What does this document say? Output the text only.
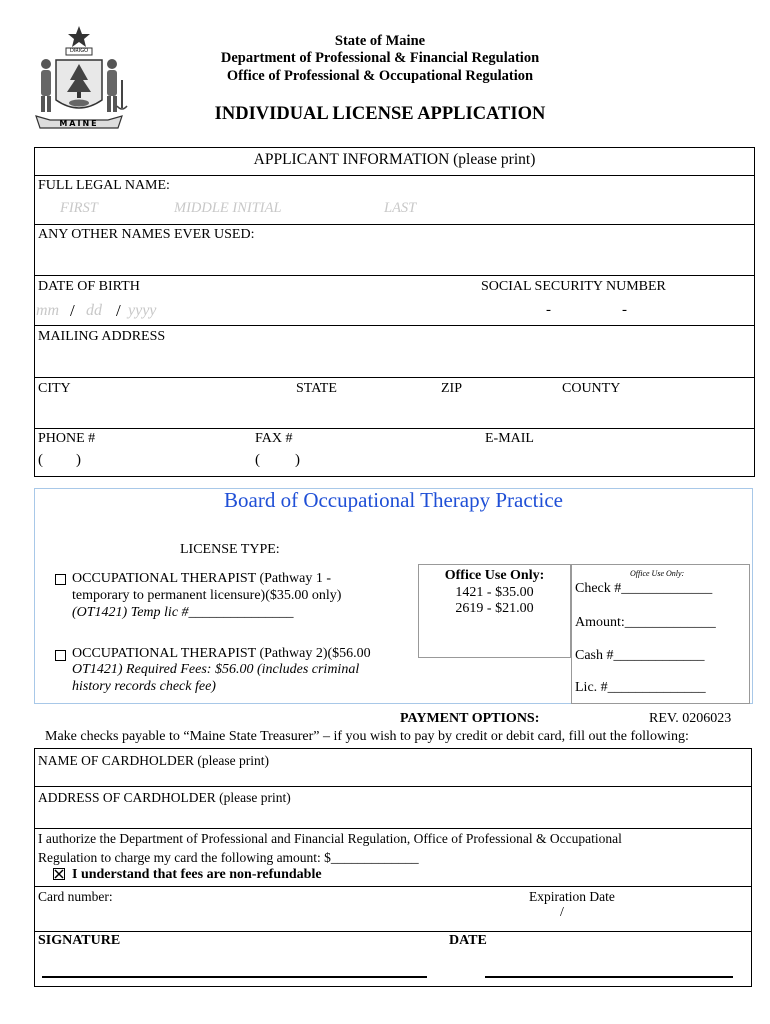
DIRIGO
MAINE
State of Maine
Department of Professional & Financial Regulation
Office of Professional & Occupational Regulation
INDIVIDUAL LICENSE APPLICATION
APPLICANT INFORMATION (please print)
FULL LEGAL NAME:
FIRST	MIDDLE INITIAL	LAST
ANY OTHER NAMES EVER USED:
DATE OF BIRTH	SOCIAL SECURITY NUMBER
mm / dd / yyyy	-	-
MAILING ADDRESS
CITY	STATE	ZIP	COUNTY
PHONE #	FAX #	E-MAIL
( )	( )
Board of Occupational Therapy Practice
LICENSE TYPE:
OCCUPATIONAL THERAPIST (Pathway 1 -
temporary to permanent licensure)($35.00 only)
(OT1421) Temp lic #_______________
OCCUPATIONAL THERAPIST (Pathway 2)($56.00
OT1421) Required Fees: $56.00 (includes criminal
history records check fee)
Office Use Only:
1421 - $35.00
2619 - $21.00
Office Use Only:
Check #_____________
Amount:_____________
Cash #_____________
Lic. #______________
PAYMENT OPTIONS:	REV. 0206023
Make checks payable to “Maine State Treasurer” – if you wish to pay by credit or debit card, fill out the following:
NAME OF CARDHOLDER (please print)
ADDRESS OF CARDHOLDER (please print)
I authorize the Department of Professional and Financial Regulation, Office of Professional & Occupational
Regulation to charge my card the following amount: $_____________
I understand that fees are non-refundable
Card number:	Expiration Date
/
SIGNATURE	DATE
